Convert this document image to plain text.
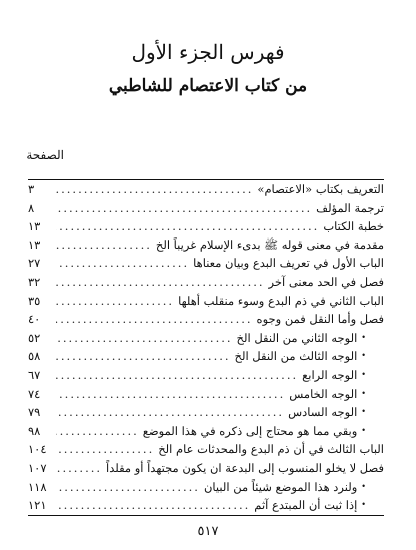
فهرس الجزء الأول
من كتاب الاعتصام للشاطبي
الصفحة
التعريف بكتاب «الاعتصام»
.....
٣
ترجمة المؤلف
.....
٨
خطبة الكتاب
.....
١٣
مقدمة في معنى قوله ﷺ بدىء الإسلام غريباً الخ
.....
١٣
الباب الأول في تعريف البدع وبيان معناها
.....
٢٧
فصل في الحد معنى آخر
.....
٣٢
الباب الثاني في ذم البدع وسوء منقلب أهلها
.....
٣٥
فصل وأما النقل فمن وجوه
.....
٤٠
• الوجه الثاني من النقل الخ
.....
٥٢
• الوجه الثالث من النقل الخ
.....
٥٨
• الوجه الرابع
.....
٦٧
• الوجه الخامس
.....
٧٤
• الوجه السادس
.....
٧٩
• وبقي مما هو محتاج إلى ذكره في هذا الموضع
.....
٩٨
الباب الثالث في أن ذم البدع والمحدثات عام الخ
.....
١٠٤
فصل لا يخلو المنسوب إلى البدعة ان يكون مجتهداً أو مقلداً
.....
١٠٧
• ولنرد هذا الموضع شيئاً من البيان
.....
١١٨
• إذا ثبت أن المبتدع آثم
.....
١٢١
٥١٧
